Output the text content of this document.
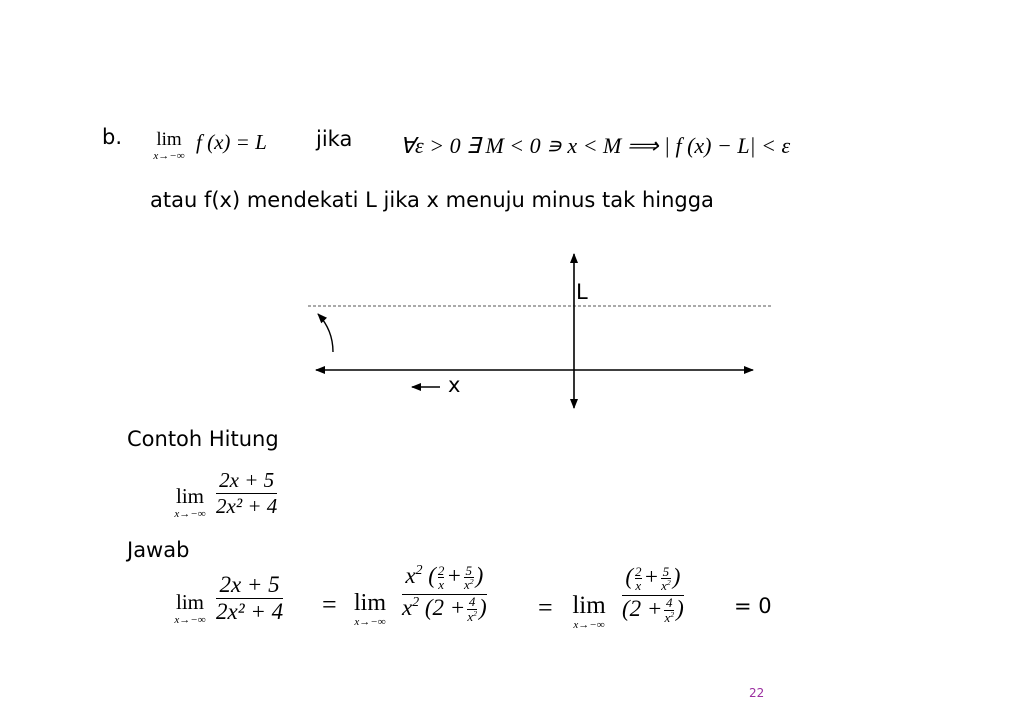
b.	lim
x→−∞
f (x) = L jika ∀ε > 0 ∃ M < 0 ∍ x < M ⟹ | f (x) − L| < ε
atau f(x) mendekati L jika x menuju minus tak hingga
L
x
Contoh Hitung
lim
x→−∞
2x + 5
2x² + 4
Jawab
lim
x→−∞
2x + 5
2x² + 4 = lim
x→−∞
$x^2$ ( $\frac{2}{x} + \frac{5}{x^2}$ )
$x^2$ ($2 + \frac{4}{x^2}$ ) = lim
x→−∞
( $\frac{2}{x} + \frac{5}{x^2}$ )
($2 + \frac{4}{x^2}$ ) = 0
22
